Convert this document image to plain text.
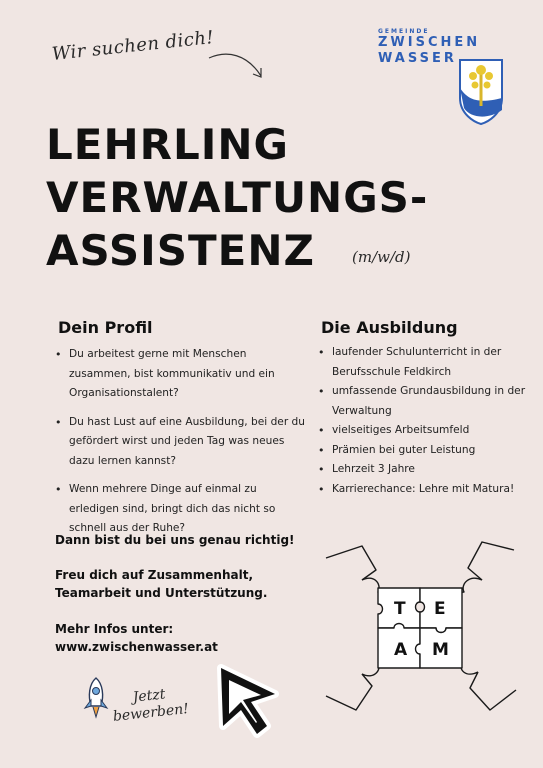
Wir suchen dich!	GEMEINDE
ZWISCHEN
WASSER
LEHRLING
VERWALTUNGS-
ASSISTENZ	(m/w/d)
Dein Profil
• Du arbeitest gerne mit Menschen zusammen, bist kommunikativ und ein Organisationstalent?
• Du hast Lust auf eine Ausbildung, bei der du gefördert wirst und jeden Tag was neues dazu lernen kannst?
• Wenn mehrere Dinge auf einmal zu erledigen sind, bringt dich das nicht so schnell aus der Ruhe?
Die Ausbildung
• laufender Schulunterricht in der Berufsschule Feldkirch
• umfassende Grundausbildung in der Verwaltung
• vielseitiges Arbeitsumfeld
• Prämien bei guter Leistung
• Lehrzeit 3 Jahre
• Karrierechance: Lehre mit Matura!
Dann bist du bei uns genau richtig!
Freu dich auf Zusammenhalt,
Teamarbeit und Unterstützung.
Mehr Infos unter:
www.zwischenwasser.at
Jetzt
bewerben!
T E
A M
